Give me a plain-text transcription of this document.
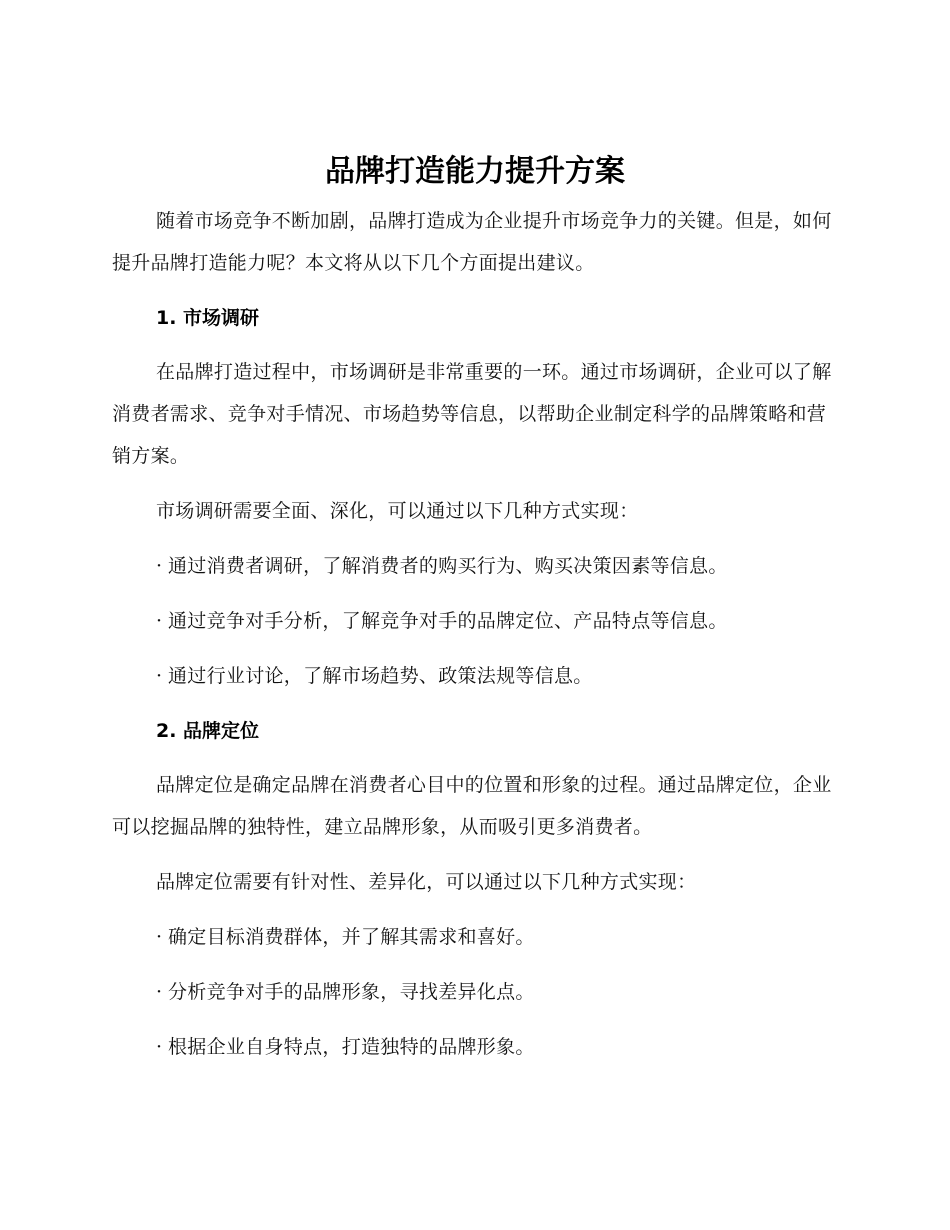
品牌打造能力提升方案

随着市场竞争不断加剧，品牌打造成为企业提升市场竞争力的关键。但是，如何提升品牌打造能力呢？本文将从以下几个方面提出建议。

1. 市场调研

在品牌打造过程中，市场调研是非常重要的一环。通过市场调研，企业可以了解消费者需求、竞争对手情况、市场趋势等信息，以帮助企业制定科学的品牌策略和营销方案。

市场调研需要全面、深化，可以通过以下几种方式实现：

· 通过消费者调研，了解消费者的购买行为、购买决策因素等信息。

· 通过竞争对手分析，了解竞争对手的品牌定位、产品特点等信息。

· 通过行业讨论，了解市场趋势、政策法规等信息。

2. 品牌定位

品牌定位是确定品牌在消费者心目中的位置和形象的过程。通过品牌定位，企业可以挖掘品牌的独特性，建立品牌形象，从而吸引更多消费者。

品牌定位需要有针对性、差异化，可以通过以下几种方式实现：

· 确定目标消费群体，并了解其需求和喜好。

· 分析竞争对手的品牌形象，寻找差异化点。

· 根据企业自身特点，打造独特的品牌形象。
